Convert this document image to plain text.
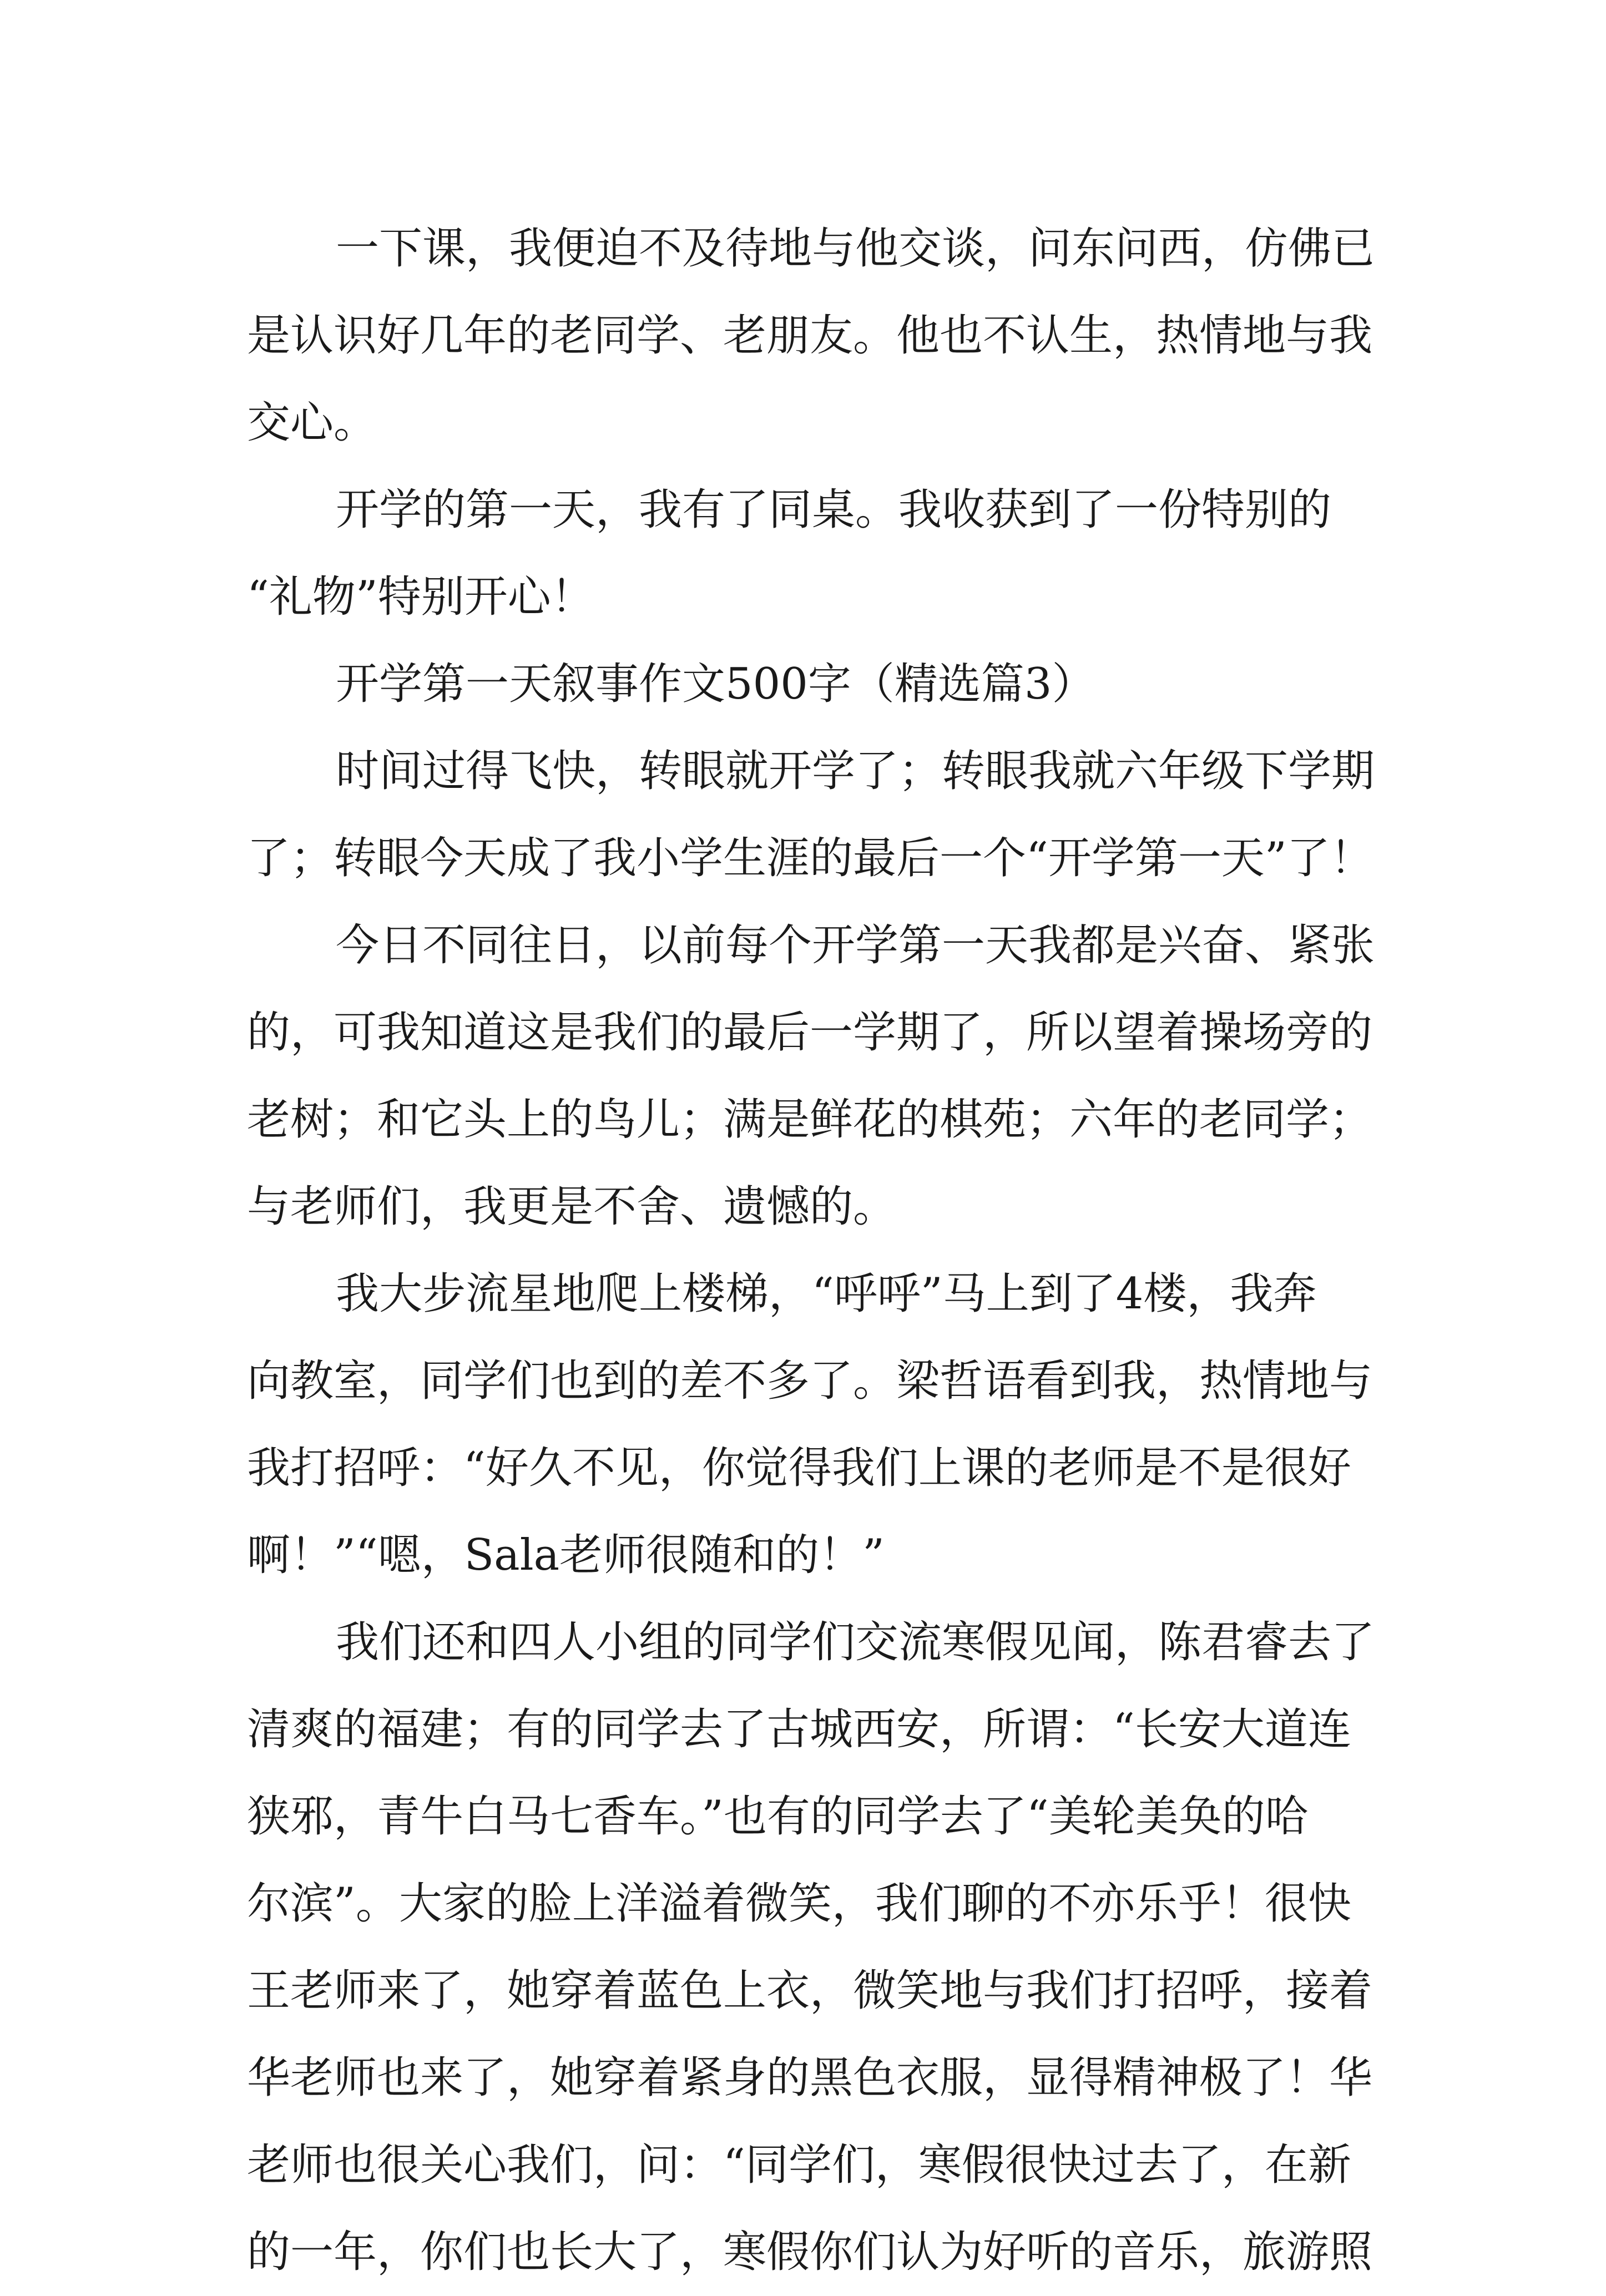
一下课，我便迫不及待地与他交谈，问东问西，仿佛已
是认识好几年的老同学、老朋友。他也不认生，热情地与我
交心。
开学的第一天，我有了同桌。我收获到了一份特别的
“礼物”特别开心！
开学第一天叙事作文500字（精选篇3）
时间过得飞快，转眼就开学了；转眼我就六年级下学期
了；转眼今天成了我小学生涯的最后一个“开学第一天”了！
今日不同往日，以前每个开学第一天我都是兴奋、紧张
的，可我知道这是我们的最后一学期了，所以望着操场旁的
老树；和它头上的鸟儿；满是鲜花的棋苑；六年的老同学；
与老师们，我更是不舍、遗憾的。
我大步流星地爬上楼梯，“呼呼”马上到了4楼，我奔
向教室，同学们也到的差不多了。梁哲语看到我，热情地与
我打招呼：“好久不见，你觉得我们上课的老师是不是很好
啊！”“嗯，Sala老师很随和的！”
我们还和四人小组的同学们交流寒假见闻，陈君睿去了
清爽的福建；有的同学去了古城西安，所谓：“长安大道连
狭邪，青牛白马七香车。”也有的同学去了“美轮美奂的哈
尔滨”。大家的脸上洋溢着微笑，我们聊的不亦乐乎！很快
王老师来了，她穿着蓝色上衣，微笑地与我们打招呼，接着
华老师也来了，她穿着紧身的黑色衣服，显得精神极了！华
老师也很关心我们，问：“同学们，寒假很快过去了，在新
的一年，你们也长大了，寒假你们认为好听的音乐，旅游照
